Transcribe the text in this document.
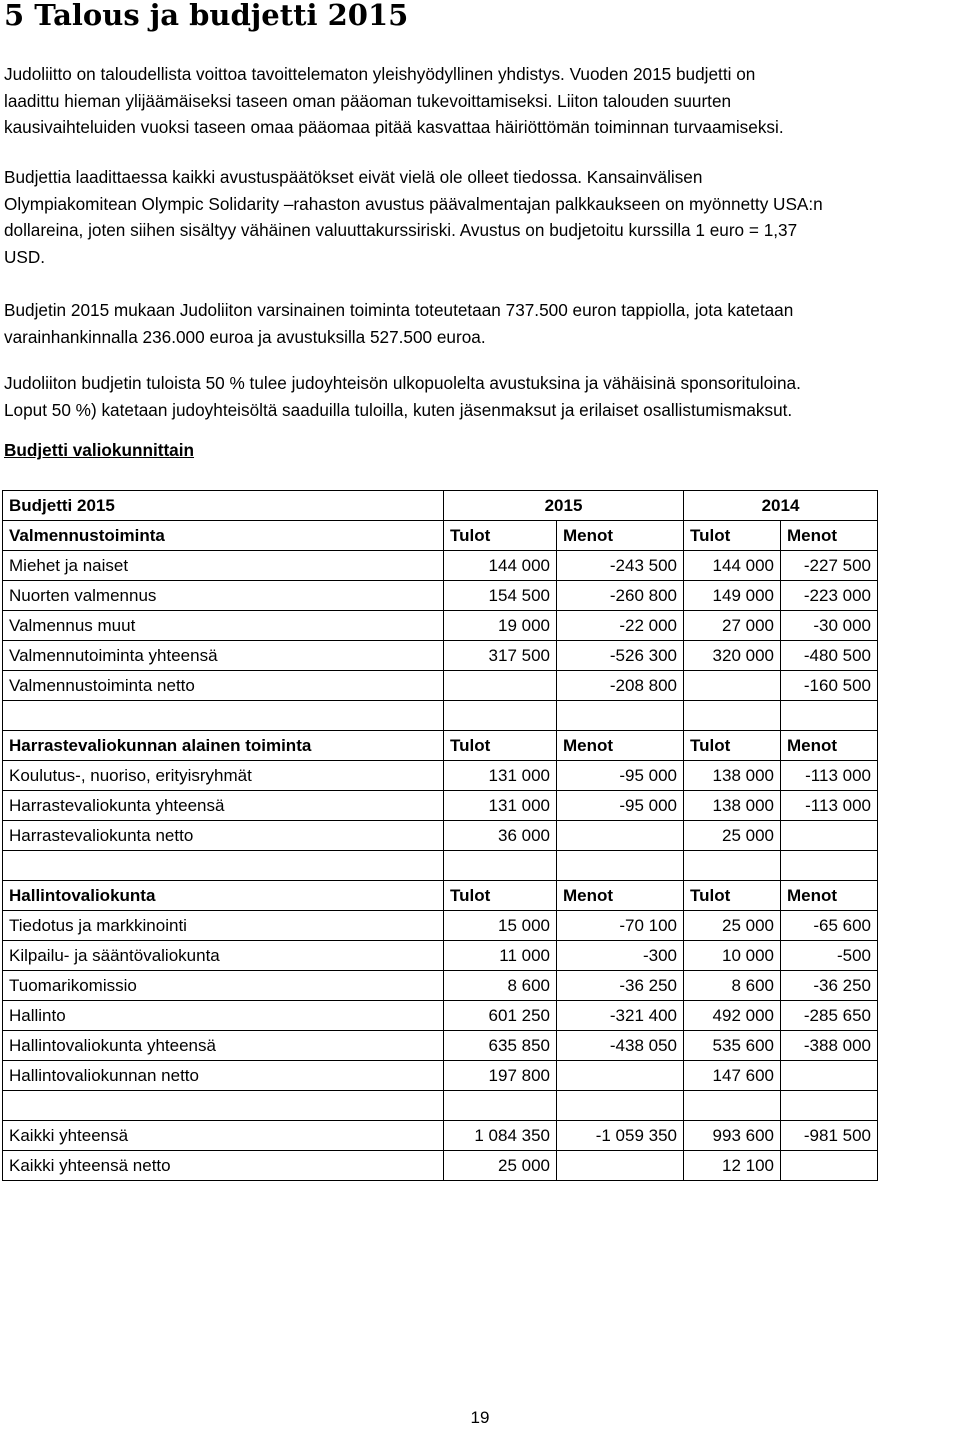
5 Talous ja budjetti 2015
Judoliitto on taloudellista voittoa tavoittelematon yleishyödyllinen yhdistys. Vuoden 2015 budjetti on
laadittu hieman ylijäämäiseksi taseen oman pääoman tukevoittamiseksi. Liiton talouden suurten
kausivaihteluiden vuoksi taseen omaa pääomaa pitää kasvattaa häiriöttömän toiminnan turvaamiseksi.
Budjettia laadittaessa kaikki avustuspäätökset eivät vielä ole olleet tiedossa. Kansainvälisen
Olympiakomitean Olympic Solidarity –rahaston avustus päävalmentajan palkkaukseen on myönnetty USA:n
dollareina, joten siihen sisältyy vähäinen valuuttakurssiriski. Avustus on budjetoitu kurssilla 1 euro = 1,37
USD.
Budjetin 2015 mukaan Judoliiton varsinainen toiminta toteutetaan 737.500 euron tappiolla, jota katetaan
varainhankinnalla 236.000 euroa ja avustuksilla 527.500 euroa.
Judoliiton budjetin tuloista 50 % tulee judoyhteisön ulkopuolelta avustuksina ja vähäisinä sponsorituloina.
Loput 50 %) katetaan judoyhteisöltä saaduilla tuloilla, kuten jäsenmaksut ja erilaiset osallistumismaksut.
Budjetti valiokunnittain
Budjetti 2015	2015		2014	
Valmennustoiminta	Tulot	Menot	Tulot	Menot
Miehet ja naiset	144 000	-243 500	144 000	-227 500
Nuorten valmennus	154 500	-260 800	149 000	-223 000
Valmennus muut	19 000	-22 000	27 000	-30 000
Valmennutoiminta yhteensä	317 500	-526 300	320 000	-480 500
Valmennustoiminta netto		-208 800		-160 500

Harrastevaliokunnan alainen toiminta	Tulot	Menot	Tulot	Menot
Koulutus-, nuoriso, erityisryhmät	131 000	-95 000	138 000	-113 000
Harrastevaliokunta yhteensä	131 000	-95 000	138 000	-113 000
Harrastevaliokunta netto	36 000		25 000	

Hallintovaliokunta	Tulot	Menot	Tulot	Menot
Tiedotus ja markkinointi	15 000	-70 100	25 000	-65 600
Kilpailu- ja sääntövaliokunta	11 000	-300	10 000	-500
Tuomarikomissio	8 600	-36 250	8 600	-36 250
Hallinto	601 250	-321 400	492 000	-285 650
Hallintovaliokunta yhteensä	635 850	-438 050	535 600	-388 000
Hallintovaliokunnan netto	197 800		147 600	

Kaikki yhteensä	1 084 350	-1 059 350	993 600	-981 500
Kaikki yhteensä netto	25 000		12 100	
19
